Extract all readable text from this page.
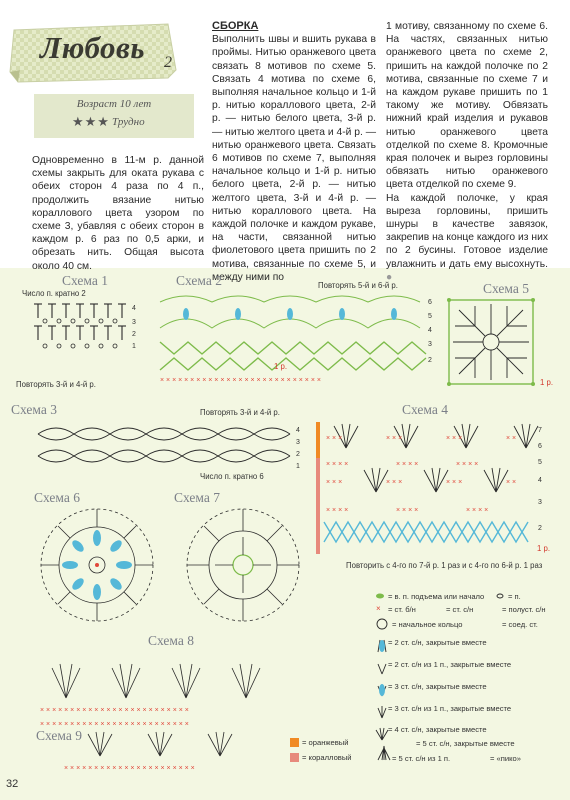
Любовь 2
Возраст 10 лет
★★★ Трудно
Одновременно в 11-м р. данной схемы закрыть для оката рукава с обеих сторон 4 раза по 4 п., продолжить вязание нитью кораллового цвета узором по схеме 3, убавляя с обеих сторон в каждом р. 6 раз по 0,5 арки, и обрезать нить. Общая высота около 40 см.
СБОРКА
Выполнить швы и вшить рукава в проймы. Нитью оранжевого цвета связать 8 мотивов по схеме 5. Связать 4 мотива по схеме 6, выполняя начальное кольцо и 1-й р. нитью кораллового цвета, 2-й р. — нитью белого цвета, 3-й р. — нитью желтого цвета и 4-й р. — нитью оранжевого цвета. Связать 6 мотивов по схеме 7, выполняя начальное кольцо и 1-й р. нитью белого цвета, 2-й р. — нитью желтого цвета, 3-й и 4-й р. — нитью кораллового цвета. На каждой полочке и каждом рукаве, на части, связанной нитью фиолетового цвета пришить по 2 мотива, связанные по схеме 5, и между ними по
1 мотиву, связанному по схеме 6. На частях, связанных нитью оранжевого цвета по схеме 2, пришить на каждой полочке по 2 мотива, связанные по схеме 7 и на каждом рукаве пришить по 1 такому же мотиву. Обвязать нижний край изделия и рукавов нитью оранжевого цвета отделкой по схеме 8. Кромочные края полочек и вырез горловины обвязать нитью оранжевого цвета отделкой по схеме 9.
На каждой полочке, у края выреза горловины, пришить шнуры в качестве завязок, закрепив на конце каждого из них по 2 бусины. Готовое изделие увлажнить и дать ему высохнуть. ●
Схема 1
Число п. кратно 2
4
3
2
1
Повторять 3-й и 4-й р.
Схема 2	Повторять 5-й и 6-й р.
× × × × × × × × × × × × × × × × × × × × × × × × × × ×
6
5
4
3
2
1 р.
Схема 5
1 р.
Схема 3	Повторять 3-й и 4-й р.
4
3
2
1
Число п. кратно 6
Схема 4
× × ×	× × ×	× × ×	× ×
× × × ×	× × × ×	× × × ×
× × ×	× × ×	× × ×	× ×
× × × ×	× × × ×	× × × ×
7
6
5
4
3
2
1 р.
Повторить с 4-го по 7-й р. 1 раз и с 4-го по 6-й р. 1 раз
Схема 6	Схема 7
Схема 8
× × × × × × × × × × × × × × × × × × × × × × × × ×
× × × × × × × × × × × × × × × × × × × × × × × × ×
Схема 9
× × × × × × × × × × × × × × × × × × × × × ×
= оранжевый
= коралловый
= в. п. подъема или начало	= п.
= ст. б/н	= ст. с/н	= полуст. с/н
= начальное кольцо	= соед. ст.
= 2 ст. с/н, закрытые вместе
= 2 ст. с/н из 1 п., закрытые вместе
= 3 ст. с/н, закрытые вместе
= 3 ст. с/н из 1 п., закрытые вместе
= 4 ст. с/н, закрытые вместе
= 5 ст. с/н, закрытые вместе
= 5 ст. с/н из 1 п.	= «пико»
×
32
